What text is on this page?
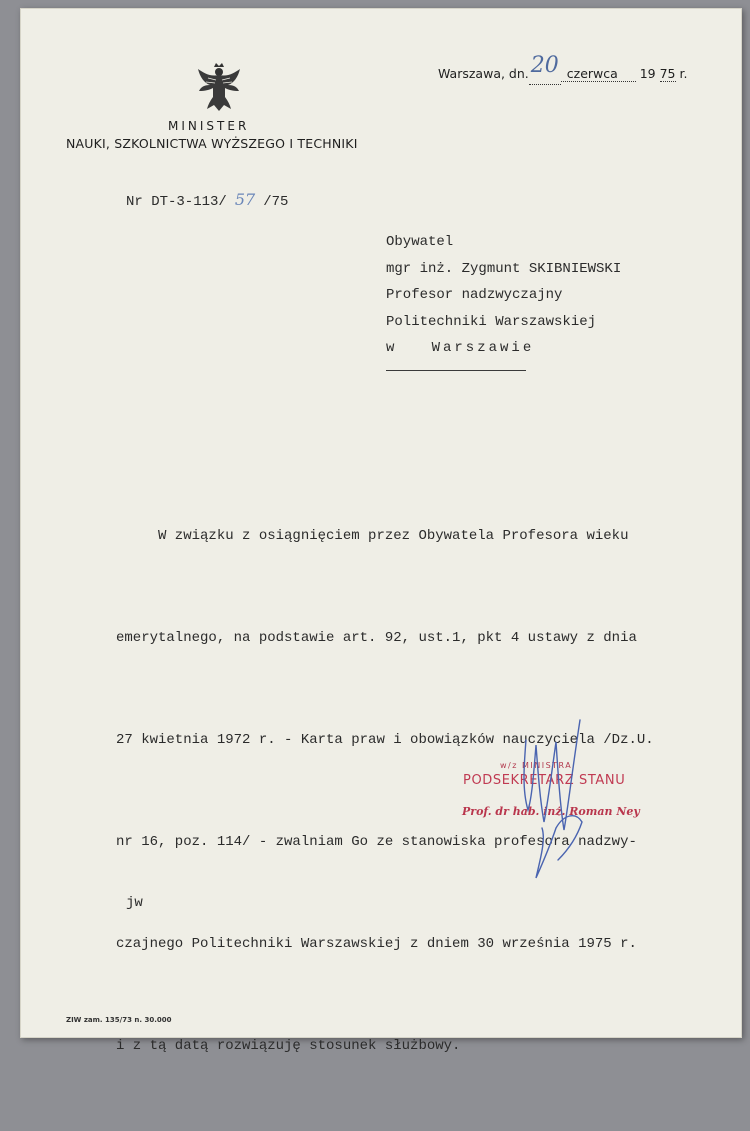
MINISTER
NAUKI, SZKOLNICTWA WYŻSZEGO I TECHNIKI
Warszawa, dn.20 czerwca 19 75 r.
Nr DT-3-113/ 57 /75
Obywatel
mgr inż. Zygmunt SKIBNIEWSKI
Profesor nadzwyczajny
Politechniki Warszawskiej
w   Warszawie

W związku z osiągnięciem przez Obywatela Profesora wieku

emerytalnego, na podstawie art. 92, ust.1, pkt 4 ustawy z dnia

27 kwietnia 1972 r. - Karta praw i obowiązków nauczyciela /Dz.U.

nr 16, poz. 114/ - zwalniam Go ze stanowiska profesora nadzwy-

czajnego Politechniki Warszawskiej z dniem 30 września 1975 r.

i z tą datą rozwiązuję stosunek służbowy.

w/z MINISTRA
PODSEKRETARZ STANU
Prof. dr hab. inż. Roman Ney
jw
ZIW zam. 135/73 n. 30.000
